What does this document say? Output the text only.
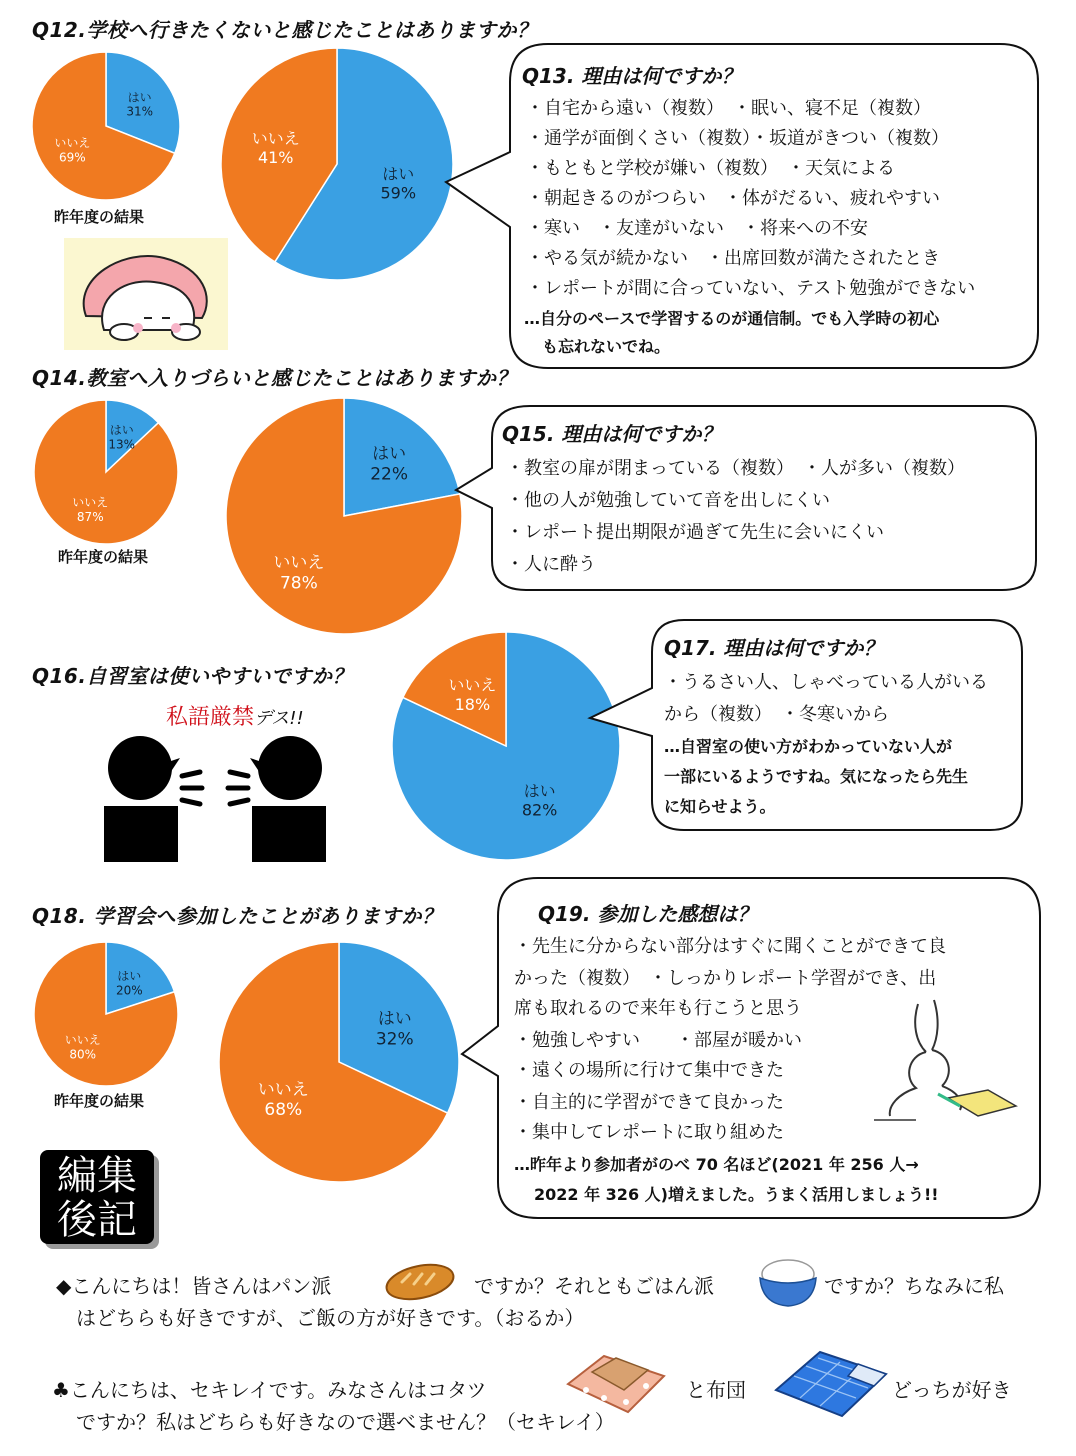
Q12.学校へ行きたくないと感じたことはありますか？
はい
31%
いいえ
69%
昨年度の結果
はい
59%
いいえ
41%
Q13. 理由は何ですか？
・自宅から遠い（複数）　・眠い、寝不足（複数）
・通学が面倒くさい（複数）・坂道がきつい（複数）
・もともと学校が嫌い（複数）　・天気による
・朝起きるのがつらい　・体がだるい、疲れやすい
・寒い　・友達がいない　・将来への不安
・やる気が続かない　・出席回数が満たされたとき
・レポートが間に合っていない、テスト勉強ができない
…自分のペースで学習するのが通信制。でも入学時の初心
も忘れないでね。
Q14.教室へ入りづらいと感じたことはありますか？
はい
13%
いいえ
87%
昨年度の結果
はい
22%
いいえ
78%
Q15. 理由は何ですか？
・教室の扉が閉まっている（複数）　・人が多い（複数）
・他の人が勉強していて音を出しにくい
・レポート提出期限が過ぎて先生に会いにくい
・人に酔う
Q16.自習室は使いやすいですか？
私語厳禁デス!!
はい
82%
いいえ
18%
Q17. 理由は何ですか？
・うるさい人、しゃべっている人がいる
から（複数）　・冬寒いから
…自習室の使い方がわかっていない人が
一部にいるようですね。気になったら先生
に知らせよう。
Q18. 学習会へ参加したことがありますか？
はい
20%
いいえ
80%
昨年度の結果
はい
32%
いいえ
68%
Q19. 参加した感想は？
・先生に分からない部分はすぐに聞くことができて良
かった（複数）　・しっかりレポート学習ができ、出
席も取れるので来年も行こうと思う
・勉強しやすい　　・部屋が暖かい
・遠くの場所に行けて集中できた
・自主的に学習ができて良かった
・集中してレポートに取り組めた
…昨年より参加者がのべ 70 名ほど(2021 年 256 人→
2022 年 326 人)増えました。うまく活用しましょう!!
編集
後記
◆こんにちは！皆さんはパン派	ですか？それともごはん派	ですか？ちなみに私
はどちらも好きですが、ご飯の方が好きです。（おるか）
♣こんにちは、セキレイです。みなさんはコタツ	と布団	どっちが好き
ですか？私はどちらも好きなので選べません？（セキレイ）
